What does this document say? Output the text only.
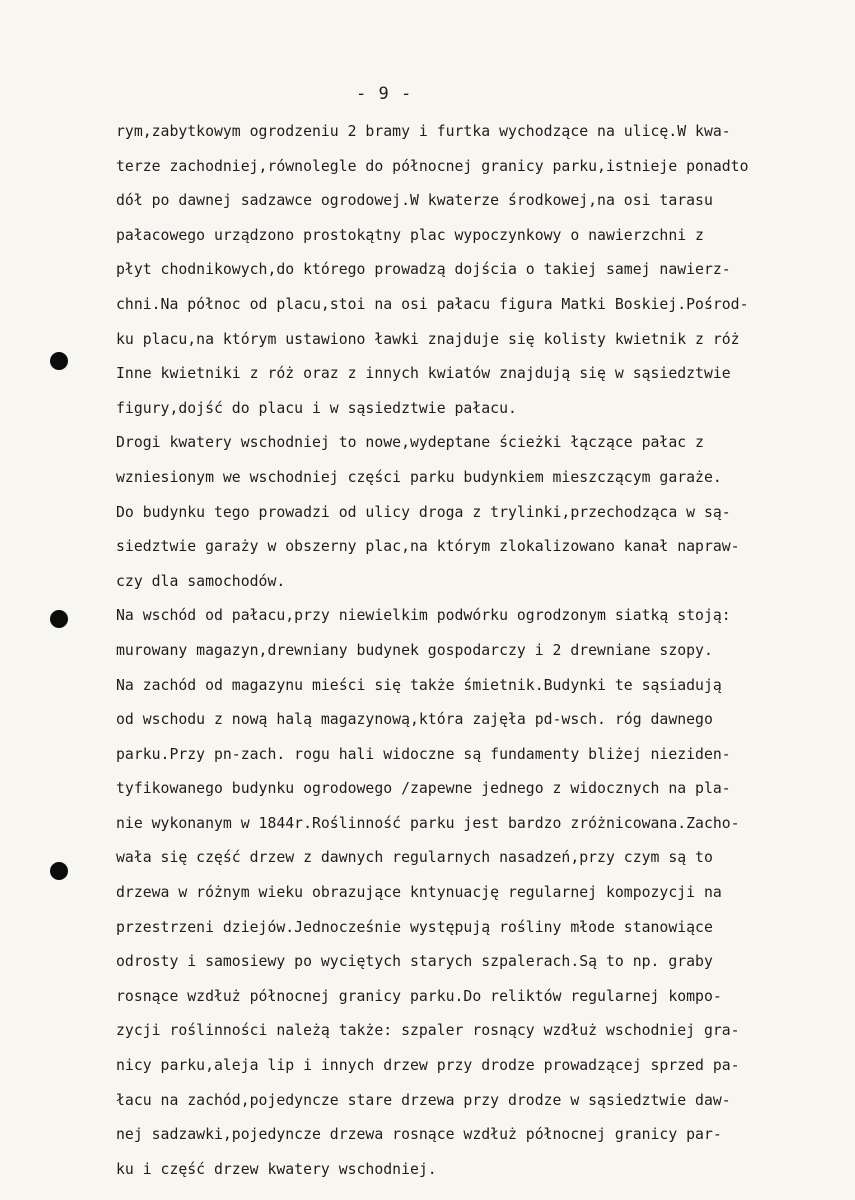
- 9 -
rym,zabytkowym ogrodzeniu 2 bramy i furtka wychodzące na ulicę.W kwa-
terze zachodniej,równolegle do północnej granicy parku,istnieje ponadto
dół po dawnej sadzawce ogrodowej.W kwaterze środkowej,na osi tarasu
pałacowego urządzono prostokątny plac wypoczynkowy o nawierzchni z
płyt chodnikowych,do którego prowadzą dojścia o takiej samej nawierz-
chni.Na północ od placu,stoi na osi pałacu figura Matki Boskiej.Pośrod-
ku placu,na którym ustawiono ławki znajduje się kolisty kwietnik z róż
Inne kwietniki z róż oraz z innych kwiatów znajdują się w sąsiedztwie
figury,dojść do placu i w sąsiedztwie pałacu.
Drogi kwatery wschodniej to nowe,wydeptane ścieżki łączące pałac z
wzniesionym we wschodniej części parku budynkiem mieszczącym garaże.
Do budynku tego prowadzi od ulicy droga z trylinki,przechodząca w są-
siedztwie garaży w obszerny plac,na którym zlokalizowano kanał napraw-
czy dla samochodów.
Na wschód od pałacu,przy niewielkim podwórku ogrodzonym siatką stoją:
murowany magazyn,drewniany budynek gospodarczy i 2 drewniane szopy.
Na zachód od magazynu mieści się także śmietnik.Budynki te sąsiadują
od wschodu z nową halą magazynową,która zajęła pd-wsch. róg dawnego
parku.Przy pn-zach. rogu hali widoczne są fundamenty bliżej nieziden-
tyfikowanego budynku ogrodowego /zapewne jednego z widocznych na pla-
nie wykonanym w 1844r.Roślinność parku jest bardzo zróżnicowana.Zacho-
wała się część drzew z dawnych regularnych nasadzeń,przy czym są to
drzewa w różnym wieku obrazujące kntynuację regularnej kompozycji na
przestrzeni dziejów.Jednocześnie występują rośliny młode stanowiące
odrosty i samosiewy po wyciętych starych szpalerach.Są to np. graby
rosnące wzdłuż północnej granicy parku.Do reliktów regularnej kompo-
zycji roślinności należą także: szpaler rosnący wzdłuż wschodniej gra-
nicy parku,aleja lip i innych drzew przy drodze prowadzącej sprzed pa-
łacu na zachód,pojedyncze stare drzewa przy drodze w sąsiedztwie daw-
nej sadzawki,pojedyncze drzewa rosnące wzdłuż północnej granicy par-
ku i część drzew kwatery wschodniej.
